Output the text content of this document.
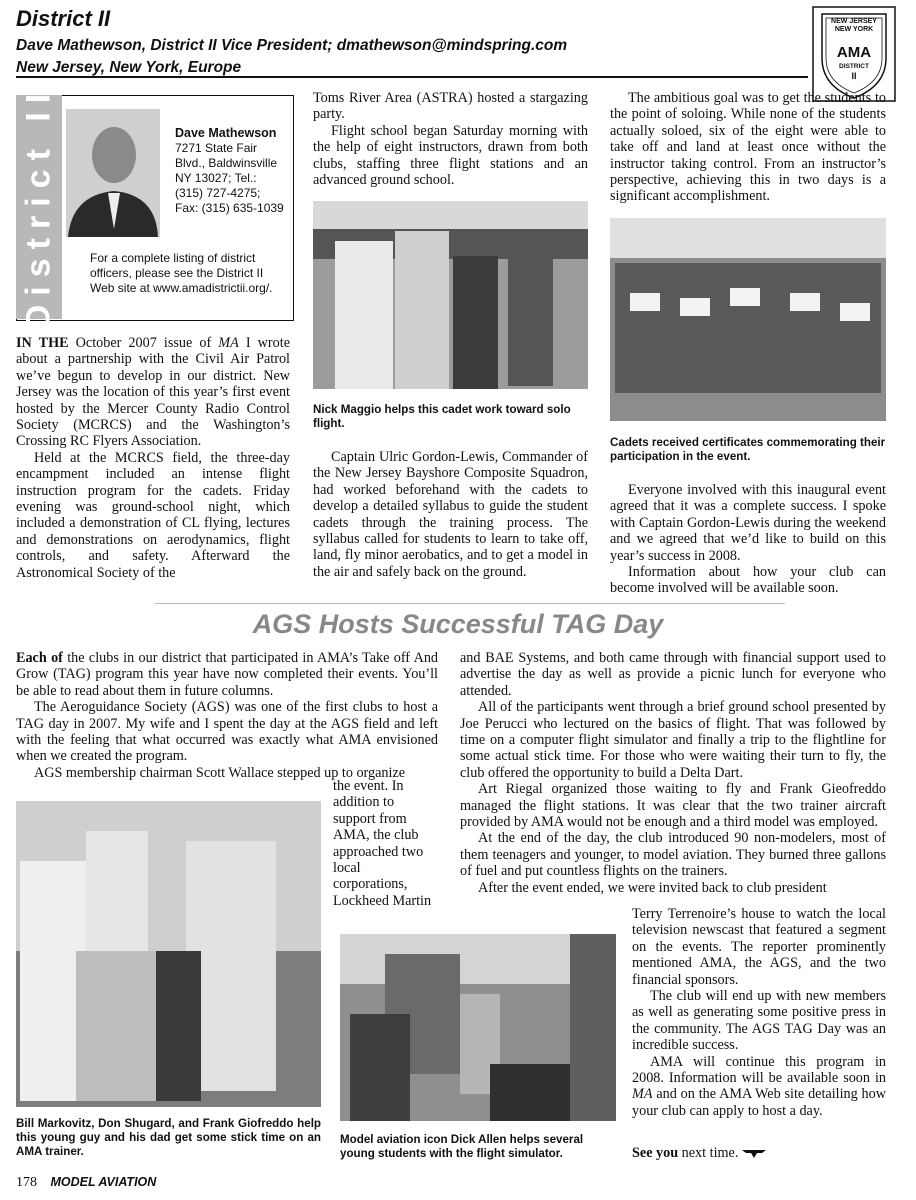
District II
Dave Mathewson, District II Vice President; dmathewson@mindspring.com
New Jersey, New York, Europe
NEW JERSEY NEW YORK
AMA
DISTRICT
II
District II	Dave Mathewson
7271 State Fair Blvd., Baldwinsville NY 13027; Tel.: (315) 727-4275; Fax: (315) 635-1039
For a complete listing of district officers, please see the District II Web site at www.amadistrictii.org/.

IN THE October 2007 issue of MA I wrote about a partnership with the Civil Air Patrol we’ve begun to develop in our district. New Jersey was the location of this year’s first event hosted by the Mercer County Radio Control Society (MCRCS) and the Washington’s Crossing RC Flyers Association.

Held at the MCRCS field, the three-day encampment included an intense flight instruction program for the cadets. Friday evening was ground-school night, which included a demonstration of CL flying, lectures and demonstrations on aerodynamics, flight controls, and safety. Afterward the Astronomical Society of the

Toms River Area (ASTRA) hosted a stargazing party.

Flight school began Saturday morning with the help of eight instructors, drawn from both clubs, staffing three flight stations and an advanced ground school.

Nick Maggio helps this cadet work toward solo flight.

Captain Ulric Gordon-Lewis, Commander of the New Jersey Bayshore Composite Squadron, had worked beforehand with the cadets to develop a detailed syllabus to guide the student cadets through the training process. The syllabus called for students to learn to take off, land, fly minor aerobatics, and to get a model in the air and safely back on the ground.

The ambitious goal was to get the students to the point of soloing. While none of the students actually soloed, six of the eight were able to take off and land at least once without the instructor taking control. From an instructor’s perspective, achieving this in two days is a significant accomplishment.

Cadets received certificates commemorating their participation in the event.

Everyone involved with this inaugural event agreed that it was a complete success. I spoke with Captain Gordon-Lewis during the weekend and we agreed that we’d like to build on this year’s success in 2008.

Information about how your club can become involved will be available soon.

AGS Hosts Successful TAG Day

Each of the clubs in our district that participated in AMA’s Take off And Grow (TAG) program this year have now completed their events. You’ll be able to read about them in future columns.

The Aeroguidance Society (AGS) was one of the first clubs to host a TAG day in 2007. My wife and I spent the day at the AGS field and left with the feeling that what occurred was exactly what AMA envisioned when we created the program.

AGS membership chairman Scott Wallace stepped up to organize

the event. In addition to support from AMA, the club approached two local corporations, Lockheed Martin
Bill Markovitz, Don Shugard, and Frank Giofreddo help this young guy and his dad get some stick time on an AMA trainer.

and BAE Systems, and both came through with financial support used to advertise the day as well as provide a picnic lunch for everyone who attended.

All of the participants went through a brief ground school presented by Joe Perucci who lectured on the basics of flight. That was followed by time on a computer flight simulator and finally a trip to the flightline for some actual stick time. For those who were waiting their turn to fly, the club offered the opportunity to build a Delta Dart.

Art Riegal organized those waiting to fly and Frank Gieofreddo managed the flight stations. It was clear that the two trainer aircraft provided by AMA would not be enough and a third model was employed.

At the end of the day, the club introduced 90 non-modelers, most of them teenagers and younger, to model aviation. They burned three gallons of fuel and put countless flights on the trainers.

After the event ended, we were invited back to club president

Model aviation icon Dick Allen helps several young students with the flight simulator.

Terry Terrenoire’s house to watch the local television newscast that featured a segment on the events. The reporter prominently mentioned AMA, the AGS, and the two financial sponsors.

The club will end up with new members as well as generating some positive press in the community. The AGS TAG Day was an incredible success.

AMA will continue this program in 2008. Information will be available soon in MA and on the AMA Web site detailing how your club can apply to host a day.

See you next time.
178 MODEL AVIATION
